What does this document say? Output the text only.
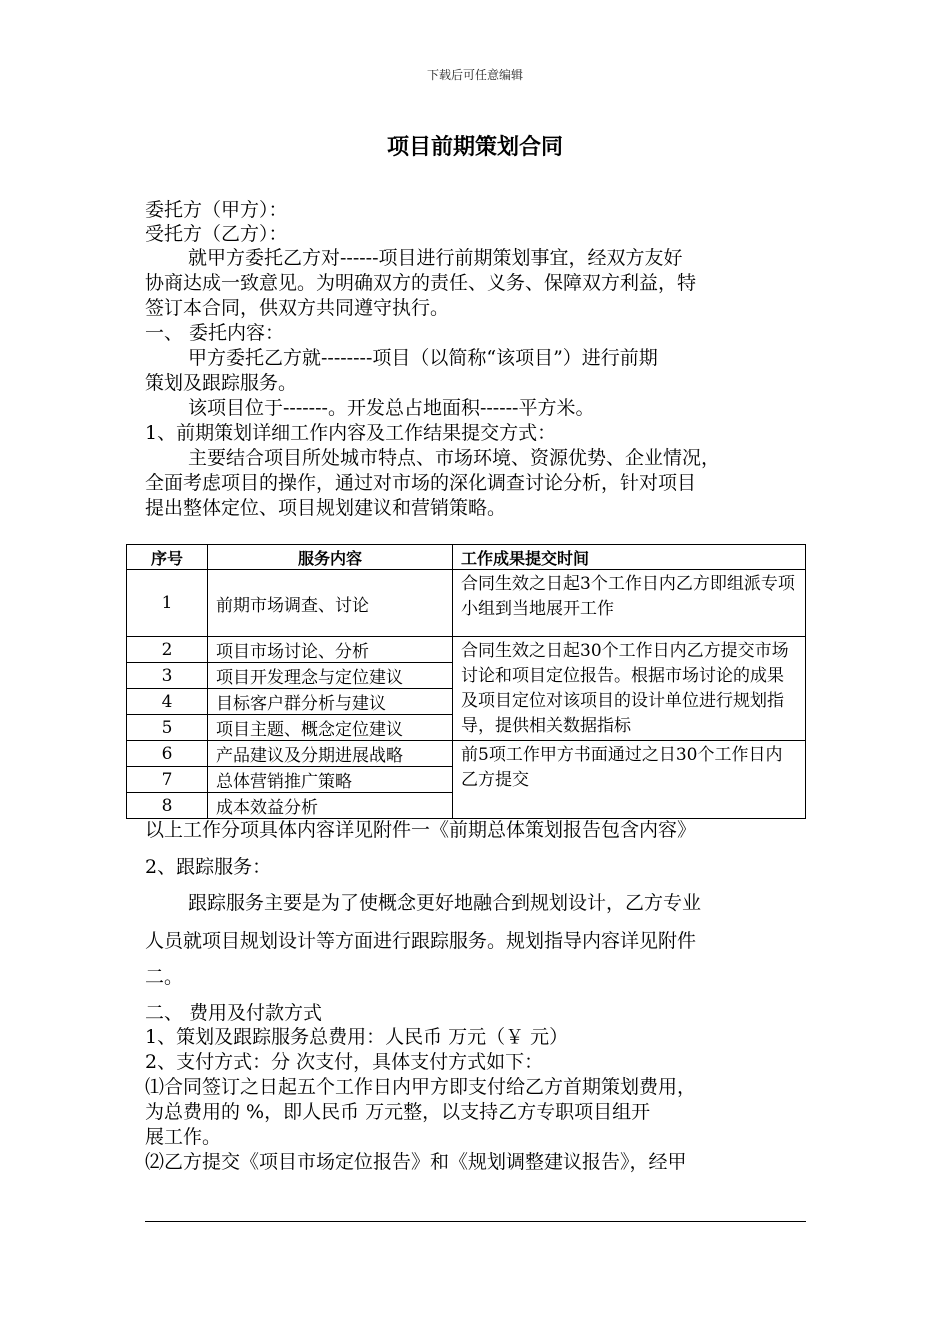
下载后可任意编辑
项目前期策划合同
委托方（甲方）：
受托方（乙方）：
就甲方委托乙方对------项目进行前期策划事宜，经双方友好
协商达成一致意见。为明确双方的责任、义务、保障双方利益，特
签订本合同，供双方共同遵守执行。
一、 委托内容：
甲方委托乙方就--------项目（以简称“该项目”）进行前期
策划及跟踪服务。
该项目位于-------。开发总占地面积------平方米。
1、前期策划详细工作内容及工作结果提交方式：
主要结合项目所处城市特点、市场环境、资源优势、企业情况，
全面考虑项目的操作，通过对市场的深化调查讨论分析，针对项目
提出整体定位、项目规划建议和营销策略。
序号	服务内容	工作成果提交时间
1	前期市场调查、讨论	合同生效之日起3个工作日内乙方即组派专项小组到当地展开工作
2	项目市场讨论、分析	合同生效之日起30个工作日内乙方提交市场讨论和项目定位报告。根据市场讨论的成果及项目定位对该项目的设计单位进行规划指导，提供相关数据指标
3	项目开发理念与定位建议	
4	目标客户群分析与建议	
5	项目主题、概念定位建议	
6	产品建议及分期进展战略	前5项工作甲方书面通过之日30个工作日内乙方提交
7	总体营销推广策略	
8	成本效益分析	
以上工作分项具体内容详见附件一《前期总体策划报告包含内容》
2、跟踪服务：
跟踪服务主要是为了使概念更好地融合到规划设计，乙方专业
人员就项目规划设计等方面进行跟踪服务。规划指导内容详见附件
二。
二、 费用及付款方式
1、策划及跟踪服务总费用：人民币 万元（￥ 元）
2、支付方式：分 次支付，具体支付方式如下：
⑴合同签订之日起五个工作日内甲方即支付给乙方首期策划费用，
为总费用的 %，即人民币 万元整，以支持乙方专职项目组开
展工作。
⑵乙方提交《项目市场定位报告》和《规划调整建议报告》，经甲
